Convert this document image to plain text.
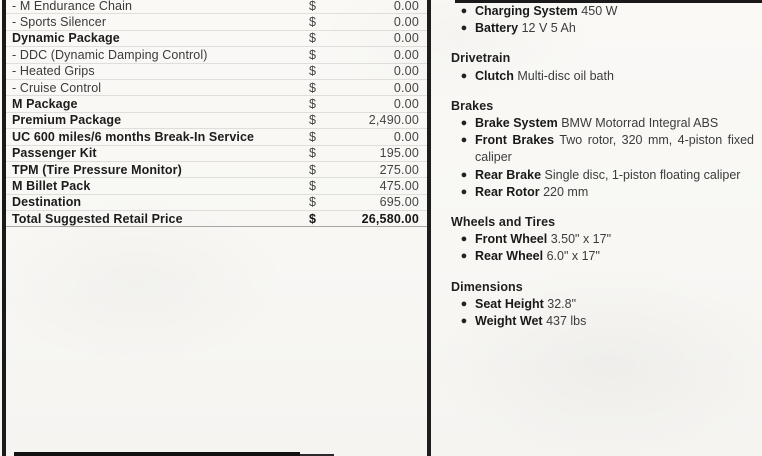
- M Endurance Chain	$	0.00
- Sports Silencer	$	0.00
Dynamic Package	$	0.00
- DDC (Dynamic Damping Control)	$	0.00
- Heated Grips	$	0.00
- Cruise Control	$	0.00
M Package	$	0.00
Premium Package	$	2,490.00
UC 600 miles/6 months Break-In Service	$	0.00
Passenger Kit	$	195.00
TPM (Tire Pressure Monitor)	$	275.00
M Billet Pack	$	475.00
Destination	$	695.00
Total Suggested Retail Price	$	26,580.00
● Charging System 450 W
● Battery 12 V 5 Ah
Drivetrain
● Clutch Multi-disc oil bath
Brakes
● Brake System BMW Motorrad Integral ABS
● Front Brakes Two rotor, 320 mm, 4-piston fixed caliper
● Rear Brake Single disc, 1-piston floating caliper
● Rear Rotor 220 mm
Wheels and Tires
● Front Wheel 3.50" x 17"
● Rear Wheel 6.0" x 17"
Dimensions
● Seat Height 32.8"
● Weight Wet 437 lbs
